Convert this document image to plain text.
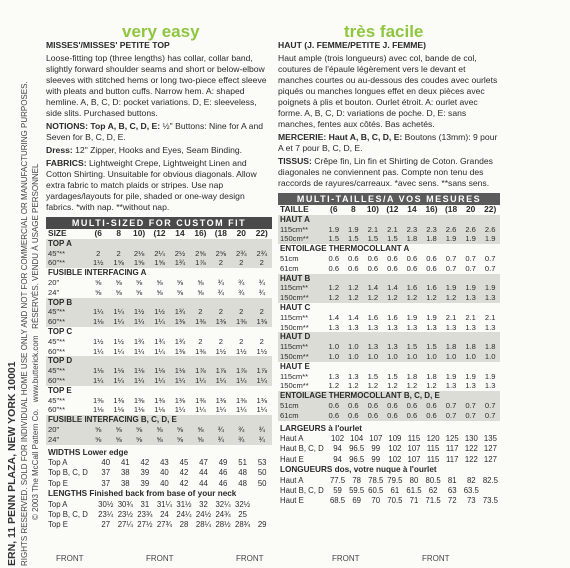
ERN, 11 PENN PLAZA, NEW YORK 10001 RIGHTS RESERVED. SOLD FOR INDIVIDUAL HOME USE ONLY AND NOT FOR COMMERCIAL OR MANUFACTURING PURPOSES. © 2003 The McCall Pattern Co.   www.butterick.com   RÉSERVÉS. VENDU À USAGE PERSONNEL
very easy	très facile

MISSES'/MISSES' PETITE TOP

Loose-fitting top (three lengths) has collar, collar band, slightly forward shoulder seams and short or below-elbow sleeves with stitched hems or long two-piece effect sleeve with pleats and button cuffs. Narrow hem. A: shaped hemline. A, B, C, D: pocket variations. D, E: sleeveless, side slits. Purchased buttons.

NOTIONS: Top A, B, C, D, E: ½" Buttons: Nine for A and Seven for B, C, D, E.

Dress: 12" Zipper, Hooks and Eyes, Seam Binding.

FABRICS: Lightweight Crepe, Lightweight Linen and Cotton Shirting. Unsuitable for obvious diagonals. Allow extra fabric to match plaids or stripes. Use nap yardages/layouts for pile, shaded or one-way design fabrics. *with nap. **without nap.

MULTI-SIZED FOR CUSTOM FIT
SIZE	(6	8	10)	(12	14	16)	(18	20	22)
TOP A									
45"**	2	2	2⅛	2¼	2½	2⅝	2⅝	2¾	2¾
60"**	1½	1⅝	1⅝	1⅝	1¾	1⅞	2	2	2
FUSIBLE INTERFACING A									
20"	⅝	⅝	⅝	⅝	⅝	⅝	¾	¾	¾
24"	⅝	⅝	⅝	⅝	⅝	⅝	¾	¾	¾
TOP B									
45"**	1¼	1¼	1½	1½	1¾	2	2	2	2
60"**	1⅛	1¼	1¼	1¼	1⅜	1⅜	1⅜	1⅜	1⅜
TOP C									
45"**	1½	1½	1¾	1¾	1¾	2	2	2	2
60"**	1¼	1¼	1¼	1¼	1⅜	1⅜	1½	1½	1½
TOP D									
45"**	1⅛	1⅛	1⅛	1⅛	1⅛	1⅞	1⅞	1⅞	1⅞
60"**	1¼	1¼	1¼	1¼	1¼	1¼	1¼	1¼	1¼
TOP E									
45"**	1⅜	1⅜	1⅜	1⅜	1⅜	1⅜	1⅜	1⅜	1⅜
60"**	1⅛	1⅛	1⅛	1⅛	1¼	1¼	1¼	1¼	1¼
FUSIBLE INTERFACING B, C, D, E									
20"	⅝	⅝	⅝	⅝	⅝	⅝	¾	¾	¾
24"	⅝	⅝	⅝	⅝	⅝	⅝	¾	¾	¾
WIDTHS Lower edge									
Top A	40	41	42	43	45	47	49	51	53
Top B, C, D	37	38	39	40	42	44	46	48	50
Top E	37	38	39	40	42	44	46	48	50
LENGTHS Finished back from base of your neck									
Top A	30½	30¾	31	31¼	31½	32	32¼	32½	
Top B, C, D	23¼	23½	23¾	24	24¼	24½	24¾	25	
Top E	27	27¼	27½	27¾	28	28¼	28½	28¾	29

HAUT (J. FEMME/PETITE J. FEMME)

Haut ample (trois longueurs) avec col, bande de col, coutures de l'épaule légèrement vers le devant et manches courtes ou au-dessous des coudes avec ourlets piqués ou manches longues effet en deux pièces avec poignets à plis et bouton. Ourlet étroit. A: ourlet avec forme. A, B, C, D: variations de poche. D, E: sans manches, fentes aux côtés. Bas achetés.

MERCERIE: Haut A, B, C, D, E: Boutons (13mm): 9 pour A et 7 pour B, C, D, E.

TISSUS: Crêpe fin, Lin fin et Shirting de Coton. Grandes diagonales ne conviennent pas. Compte non tenu des raccords de rayures/carreaux. *avec sens. **sans sens.

MULTI-TAILLES/A VOS MESURES
TAILLE	(6	8	10)	(12	14	16)	(18	20	22)
HAUT A									
115cm**	1.9	1.9	2.1	2.1	2.3	2.3	2.6	2.6	2.6
150cm**	1.5	1.5	1.5	1.5	1.8	1.8	1.9	1.9	1.9
ENTOILAGE THERMOCOLLANT A									
51cm	0.6	0.6	0.6	0.6	0.6	0.6	0.7	0.7	0.7
61cm	0.6	0.6	0.6	0.6	0.6	0.6	0.7	0.7	0.7
HAUT B									
115cm**	1.2	1.2	1.4	1.4	1.6	1.6	1.9	1.9	1.9
150cm**	1.2	1.2	1.2	1.2	1.2	1.2	1.2	1.3	1.3
HAUT C									
115cm**	1.4	1.4	1.6	1.6	1.9	1.9	2.1	2.1	2.1
150cm**	1.3	1.3	1.3	1.3	1.3	1.3	1.3	1.3	1.3
HAUT D									
115cm**	1.0	1.0	1.3	1.3	1.5	1.5	1.8	1.8	1.8
150cm**	1.0	1.0	1.0	1.0	1.0	1.0	1.0	1.0	1.0
HAUT E									
115cm**	1.3	1.3	1.5	1.5	1.8	1.8	1.9	1.9	1.9
150cm**	1.2	1.2	1.2	1.2	1.2	1.2	1.3	1.3	1.3
ENTOILAGE THERMOCOLLANT B, C, D, E									
51cm	0.6	0.6	0.6	0.6	0.6	0.6	0.7	0.7	0.7
61cm	0.6	0.6	0.6	0.6	0.6	0.6	0.7	0.7	0.7
LARGEURS à l'ourlet									
Haut A	102	104	107	109	115	120	125	130	135
Haut B, C, D	94	96.5	99	102	107	115	117	122	127
Haut E	94	96.5	99	102	107	115	117	122	127
LONGUEURS dos, votre nuque à l'ourlet									
Haut A	77.5	78	78.5	79.5	80	80.5	81	82	82.5
Haut B, C, D	59	59.5	60.5	61	61.5	62	63	63.5	
Haut E	68.5	69	70	70.5	71	71.5	72	73	73.5
FRONT	FRONT	FRONT	FRONT	FRONT
